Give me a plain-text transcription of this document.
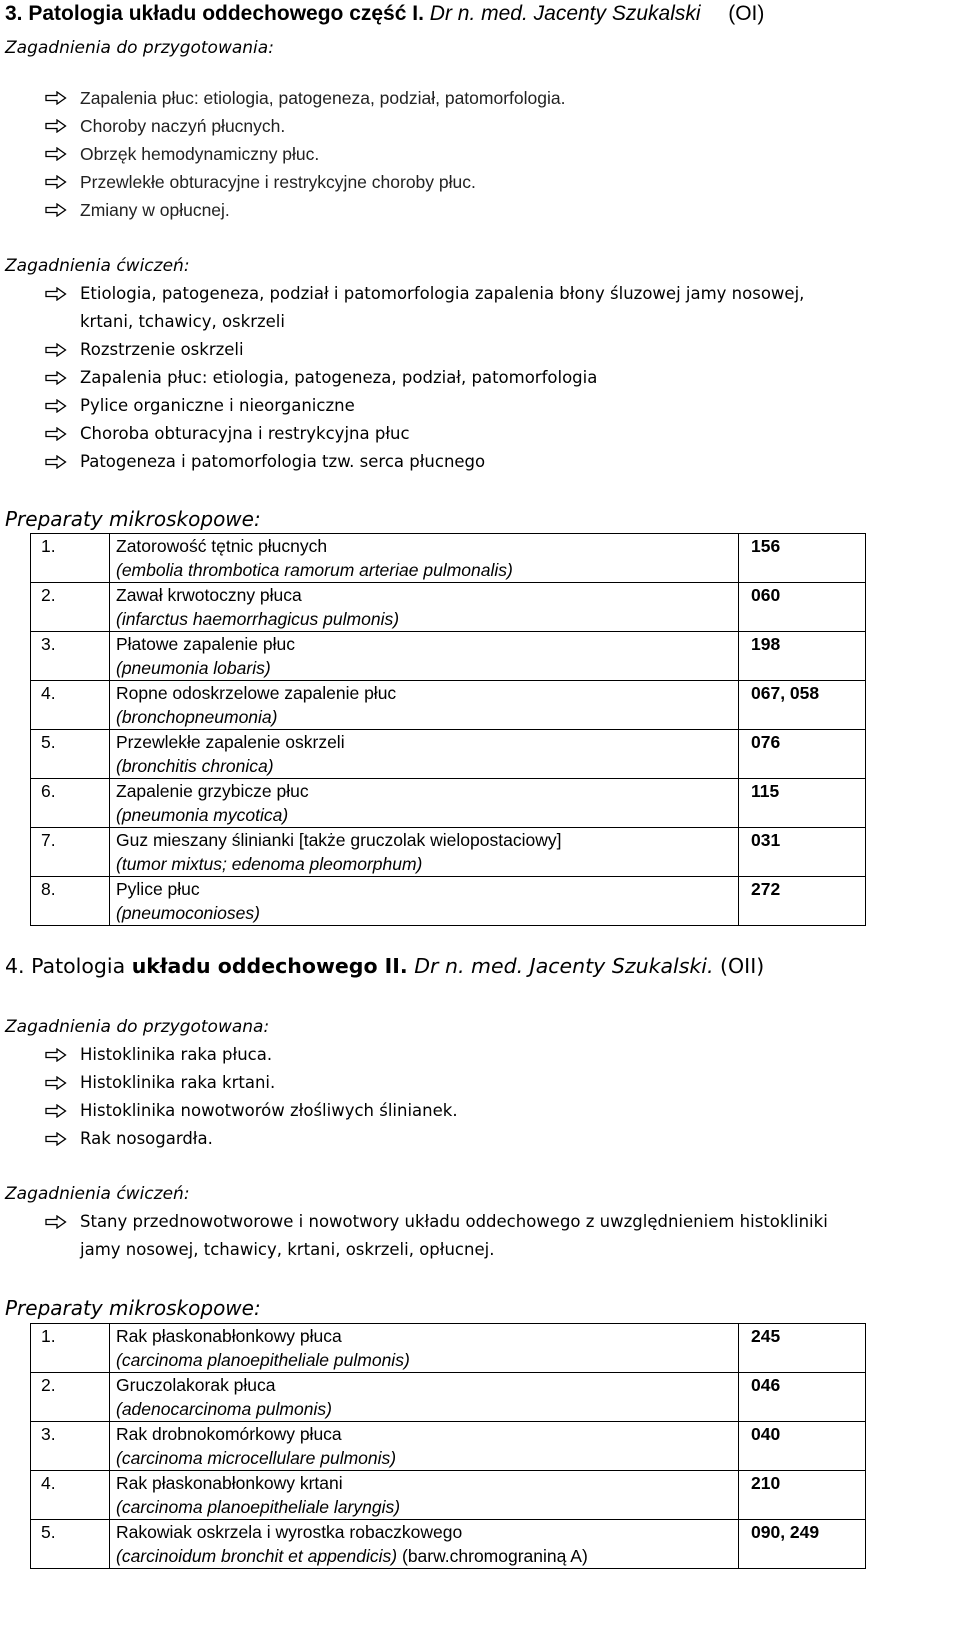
3. Patologia układu oddechowego część I. Dr n. med. Jacenty Szukalski (OI)
Zagadnienia do przygotowania:
Zapalenia płuc: etiologia, patogeneza, podział, patomorfologia.
Choroby naczyń płucnych.
Obrzęk hemodynamiczny płuc.
Przewlekłe obturacyjne i restrykcyjne choroby płuc.
Zmiany w opłucnej.
Zagadnienia ćwiczeń:
Etiologia, patogeneza, podział i patomorfologia zapalenia błony śluzowej jamy nosowej,
krtani, tchawicy, oskrzeli
Rozstrzenie oskrzeli
Zapalenia płuc: etiologia, patogeneza, podział, patomorfologia
Pylice organiczne i nieorganiczne
Choroba obturacyjna i restrykcyjna płuc
Patogeneza i patomorfologia tzw. serca płucnego
Preparaty mikroskopowe:
1.	Zatorowość tętnic płucnych
(embolia thrombotica ramorum arteriae pulmonalis)	156
2.	Zawał krwotoczny płuca
(infarctus haemorrhagicus pulmonis)	060
3.	Płatowe zapalenie płuc
(pneumonia lobaris)	198
4.	Ropne odoskrzelowe zapalenie płuc
(bronchopneumonia)	067, 058
5.	Przewlekłe zapalenie oskrzeli
(bronchitis chronica)	076
6.	Zapalenie grzybicze płuc
(pneumonia mycotica)	115
7.	Guz mieszany ślinianki [także gruczolak wielopostaciowy]
(tumor mixtus; edenoma pleomorphum)	031
8.	Pylice płuc
(pneumoconioses)	272
4. Patologia układu oddechowego II. Dr n. med. Jacenty Szukalski. (OII)
Zagadnienia do przygotowana:
Histoklinika raka płuca.
Histoklinika raka krtani.
Histoklinika nowotworów złośliwych ślinianek.
Rak nosogardła.
Zagadnienia ćwiczeń:
Stany przednowotworowe i nowotwory układu oddechowego z uwzględnieniem histokliniki
jamy nosowej, tchawicy, krtani, oskrzeli, opłucnej.
Preparaty mikroskopowe:
1.	Rak płaskonabłonkowy płuca
(carcinoma planoepitheliale pulmonis)	245
2.	Gruczolakorak płuca
(adenocarcinoma pulmonis)	046
3.	Rak drobnokomórkowy płuca
(carcinoma microcellulare pulmonis)	040
4.	Rak płaskonabłonkowy krtani
(carcinoma planoepitheliale laryngis)	210
5.	Rakowiak oskrzela i wyrostka robaczkowego
(carcinoidum bronchit et appendicis) (barw.chromograniną A)	090, 249
